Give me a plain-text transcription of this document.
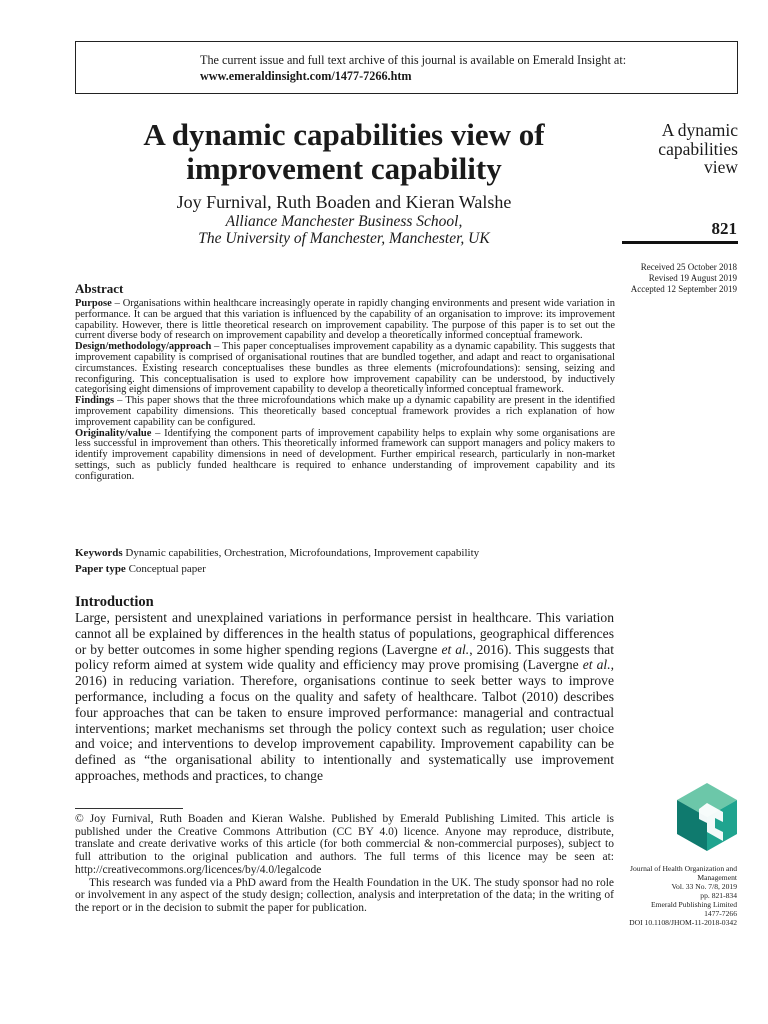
The current issue and full text archive of this journal is available on Emerald Insight at:
www.emeraldinsight.com/1477-7266.htm
A dynamic capabilities view of
improvement capability
Joy Furnival, Ruth Boaden and Kieran Walshe
Alliance Manchester Business School,
The University of Manchester, Manchester, UK
A dynamic
capabilities
view
821
Received 25 October 2018
Revised 19 August 2019
Accepted 12 September 2019
Abstract

Purpose – Organisations within healthcare increasingly operate in rapidly changing environments and present wide variation in performance. It can be argued that this variation is influenced by the capability of an organisation to improve: its improvement capability. However, there is little theoretical research on improvement capability. The purpose of this paper is to set out the current diverse body of research on improvement capability and develop a theoretically informed conceptual framework.

Design/methodology/approach – This paper conceptualises improvement capability as a dynamic capability. This suggests that improvement capability is comprised of organisational routines that are bundled together, and adapt and react to organisational circumstances. Existing research conceptualises these bundles as three elements (microfoundations): sensing, seizing and reconfiguring. This conceptualisation is used to explore how improvement capability can be understood, by inductively categorising eight dimensions of improvement capability to develop a theoretically informed conceptual framework.

Findings – This paper shows that the three microfoundations which make up a dynamic capability are present in the identified improvement capability dimensions. This theoretically based conceptual framework provides a rich explanation of how improvement capability can be configured.

Originality/value – Identifying the component parts of improvement capability helps to explain why some organisations are less successful in improvement than others. This theoretically informed framework can support managers and policy makers to identify improvement capability dimensions in need of development. Further empirical research, particularly in non-market settings, such as publicly funded healthcare is required to enhance understanding of improvement capability and its configuration.

Keywords Dynamic capabilities, Orchestration, Microfoundations, Improvement capability
Paper type Conceptual paper
Introduction
Large, persistent and unexplained variations in performance persist in healthcare. This variation cannot all be explained by differences in the health status of populations, geographical differences or by better outcomes in some higher spending regions (Lavergne et al., 2016). This suggests that policy reform aimed at system wide quality and efficiency may prove promising (Lavergne et al., 2016) in reducing variation. Therefore, organisations continue to seek better ways to improve performance, including a focus on the quality and safety of healthcare. Talbot (2010) describes four approaches that can be taken to ensure improved performance: managerial and contractual interventions; market mechanisms set through the policy context such as regulation; user choice and voice; and interventions to develop improvement capability. Improvement capability can be defined as “the organisational ability to intentionally and systematically use improvement approaches, methods and practices, to change

© Joy Furnival, Ruth Boaden and Kieran Walshe. Published by Emerald Publishing Limited. This article is published under the Creative Commons Attribution (CC BY 4.0) licence. Anyone may reproduce, distribute, translate and create derivative works of this article (for both commercial & non-commercial purposes), subject to full attribution to the original publication and authors. The full terms of this licence may be seen at: http://creativecommons.org/licences/by/4.0/legalcode

This research was funded via a PhD award from the Health Foundation in the UK. The study sponsor had no role or involvement in any aspect of the study design; collection, analysis and interpretation of the data; in the writing of the report or in the decision to submit the paper for publication.

Journal of Health Organization and
Management
Vol. 33 No. 7/8, 2019
pp. 821-834
Emerald Publishing Limited
1477-7266
DOI 10.1108/JHOM-11-2018-0342
